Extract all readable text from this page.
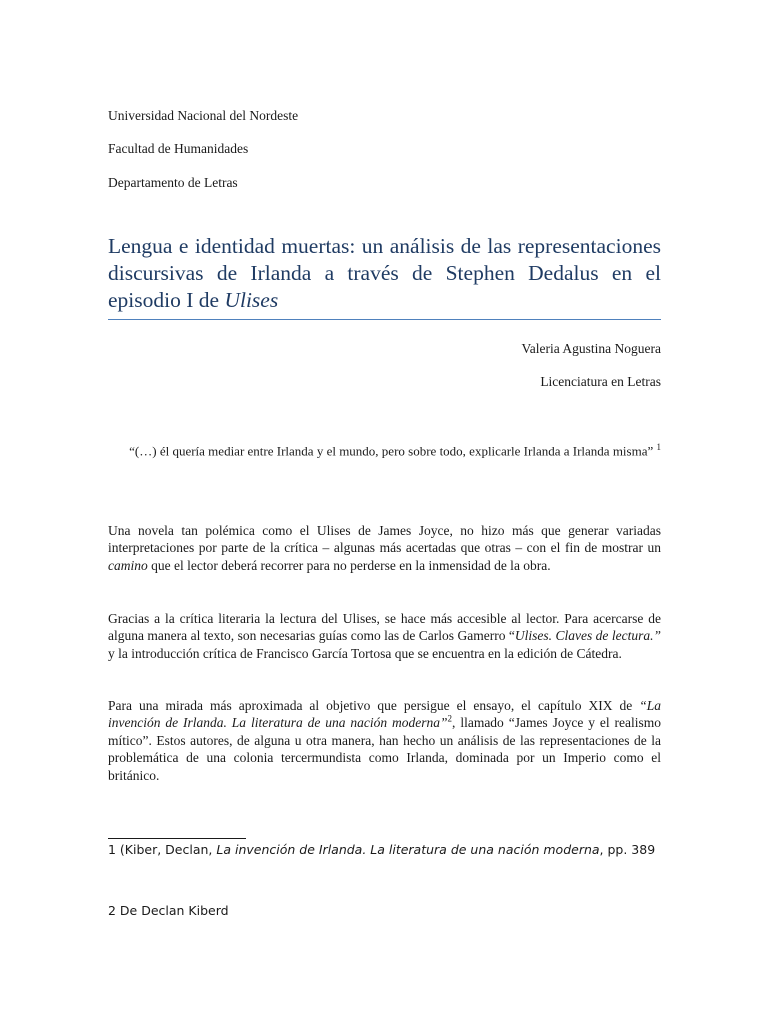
Universidad Nacional del Nordeste
Facultad de Humanidades
Departamento de Letras
Lengua e identidad muertas: un análisis de las representaciones discursivas de Irlanda a través de Stephen Dedalus en el episodio I de Ulises
Valeria Agustina Noguera
Licenciatura en Letras
“(…) él quería mediar entre Irlanda y el mundo, pero sobre todo, explicarle Irlanda a Irlanda misma” $^1$
Una novela tan polémica como el Ulises de James Joyce, no hizo más que generar variadas interpretaciones por parte de la crítica – algunas más acertadas que otras – con el fin de mostrar un camino que el lector deberá recorrer para no perderse en la inmensidad de la obra.
Gracias a la crítica literaria la lectura del Ulises, se hace más accesible al lector. Para acercarse de alguna manera al texto, son necesarias guías como las de Carlos Gamerro “Ulises. Claves de lectura.” y la introducción crítica de Francisco García Tortosa que se encuentra en la edición de Cátedra.
Para una mirada más aproximada al objetivo que persigue el ensayo, el capítulo XIX de “La invención de Irlanda. La literatura de una nación moderna”$^2$, llamado “James Joyce y el realismo mítico”. Estos autores, de alguna u otra manera, han hecho un análisis de las representaciones de la problemática de una colonia tercermundista como Irlanda, dominada por un Imperio como el británico.
1 (Kiber, Declan, La invención de Irlanda. La literatura de una nación moderna, pp. 389
2 De Declan Kiberd
